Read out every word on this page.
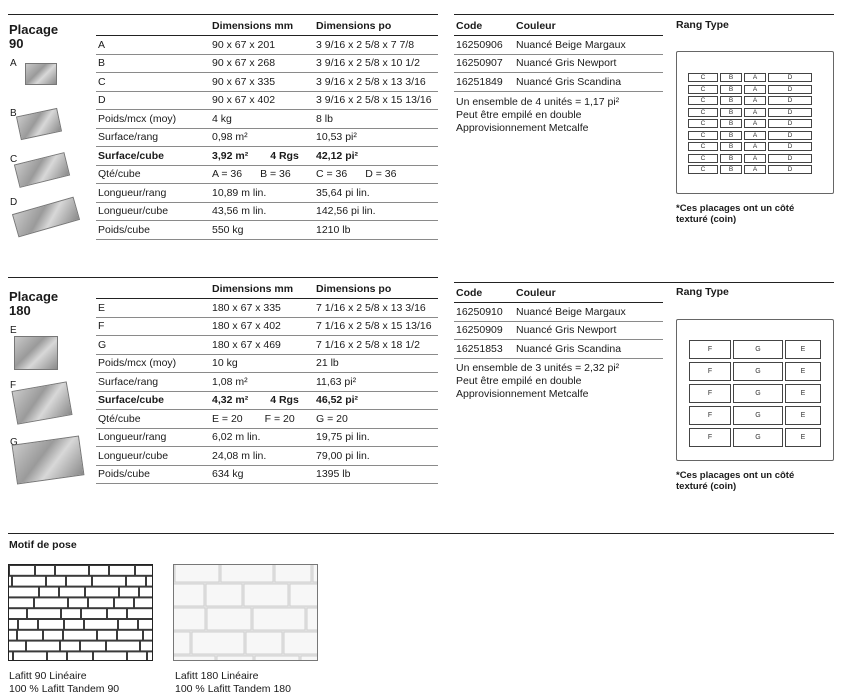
Placage
90
A
B
C
D
	Dimensions mm	Dimensions po
A	90 x 67 x 201	3 9/16 x 2 5/8 x 7 7/8
B	90 x 67 x 268	3 9/16 x 2 5/8 x 10 1/2
C	90 x 67 x 335	3 9/16 x 2 5/8 x 13 3/16
D	90 x 67 x 402	3 9/16 x 2 5/8 x 15 13/16
Poids/mcx (moy)	4 kg	8 lb
Surface/rang	0,98 m²	10,53 pi²
Surface/cube	3,92 m² 4 Rgs	42,12 pi²
Qté/cube	A = 36 B = 36	C = 36 D = 36
Longueur/rang	10,89 m lin.	35,64 pi lin.
Longueur/cube	43,56 m lin.	142,56 pi lin.
Poids/cube	550 kg	1210 lb
Code	Couleur
16250906	Nuancé Beige Margaux
16250907	Nuancé Gris Newport
16251849	Nuancé Gris Scandina
Un ensemble de 4 unités = 1,17 pi²
Peut être empilé en double
Approvisionnement Metcalfe
Rang Type
C	B	A	D
C	B	A	D
C	B	A	D
C	B	A	D
C	B	A	D
C	B	A	D
C	B	A	D
C	B	A	D
C	B	A	D
*Ces placages ont un côté
texturé (coin)
Placage
180
E
F
G
	Dimensions mm	Dimensions po
E	180 x 67 x 335	7 1/16 x 2 5/8 x 13 3/16
F	180 x 67 x 402	7 1/16 x 2 5/8 x 15 13/16
G	180 x 67 x 469	7 1/16 x 2 5/8 x 18 1/2
Poids/mcx (moy)	10 kg	21 lb
Surface/rang	1,08 m²	11,63 pi²
Surface/cube	4,32 m² 4 Rgs	46,52 pi²
Qté/cube	E = 20 F = 20	G = 20
Longueur/rang	6,02 m lin.	19,75 pi lin.
Longueur/cube	24,08 m lin.	79,00 pi lin.
Poids/cube	634 kg	1395 lb
Code	Couleur
16250910	Nuancé Beige Margaux
16250909	Nuancé Gris Newport
16251853	Nuancé Gris Scandina
Un ensemble de 3 unités = 2,32 pi²
Peut être empilé en double
Approvisionnement Metcalfe
Rang Type
F	G	E
F	G	E
F	G	E
F	G	E
F	G	E
*Ces placages ont un côté
texturé (coin)
Motif de pose
Lafitt 90 Linéaire
100 % Lafitt Tandem 90
Lafitt 180 Linéaire
100 % Lafitt Tandem 180
